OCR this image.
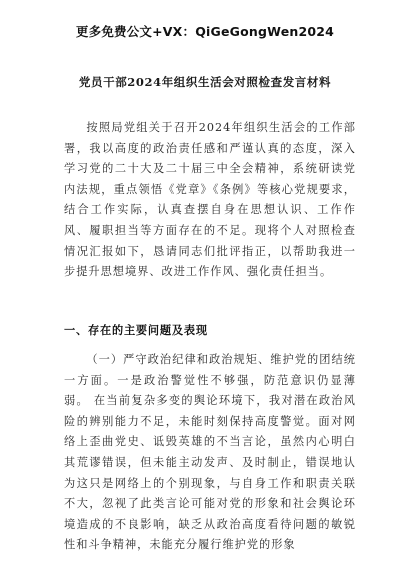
更多免费公文+VX：QiGeGongWen2024
党员干部2024年组织生活会对照检查发言材料

按照局党组关于召开2024年组织生活会的工作部署，我以高度的政治责任感和严谨认真的态度，深入学习党的二十大及二十届三中全会精神，系统研读党内法规，重点领悟《党章》《条例》等核心党规要求，结合工作实际，认真查摆自身在思想认识、工作作风、履职担当等方面存在的不足。现将个人对照检查情况汇报如下，恳请同志们批评指正，以帮助我进一步提升思想境界、改进工作作风、强化责任担当。

一、存在的主要问题及表现

（一）严守政治纪律和政治规矩、维护党的团结统一方面。一是政治警觉性不够强，防范意识仍显薄弱。 在当前复杂多变的舆论环境下，我对潜在政治风险的辨别能力不足，未能时刻保持高度警觉。面对网络上歪曲党史、诋毁英雄的不当言论，虽然内心明白其荒谬错误，但未能主动发声、及时制止，错误地认为这只是网络上的个别现象，与自身工作和职责关联不大，忽视了此类言论可能对党的形象和社会舆论环境造成的不良影响，缺乏从政治高度看待问题的敏锐性和斗争精神，未能充分履行维护党的形象
